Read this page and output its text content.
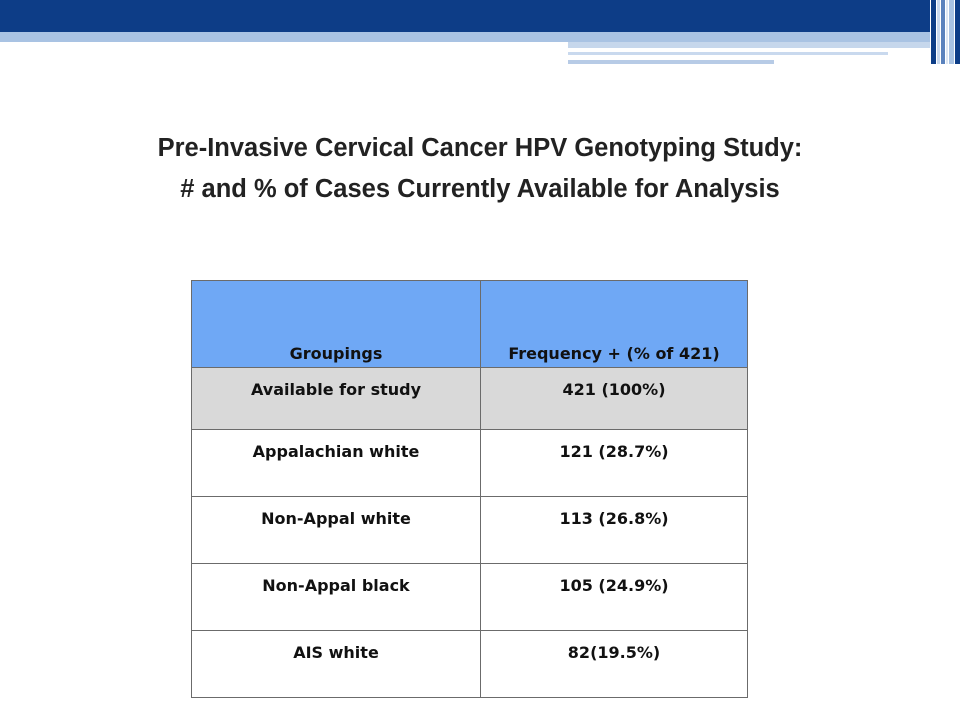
Pre-Invasive Cervical Cancer HPV Genotyping Study:
# and % of Cases Currently Available for Analysis
Groupings	Frequency + (% of 421)
Available for study	421 (100%)
Appalachian white	121 (28.7%)
Non-Appal white	113 (26.8%)
Non-Appal black	105 (24.9%)
AIS white	82(19.5%)
